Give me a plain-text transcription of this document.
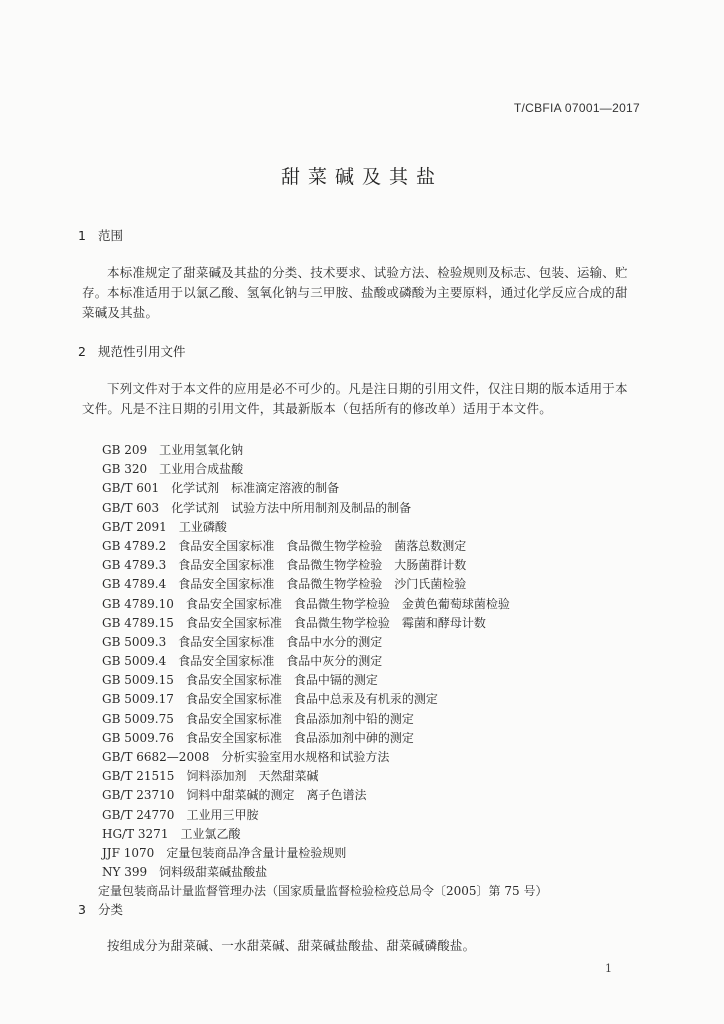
T/CBFIA 07001—2017
甜菜碱及其盐
1 范围
本标准规定了甜菜碱及其盐的分类、技术要求、试验方法、检验规则及标志、包装、运输、贮存。 本标准适用于以氯乙酸、氢氧化钠与三甲胺、盐酸或磷酸为主要原料，通过化学反应合成的甜菜碱及其盐。
2 规范性引用文件
下列文件对于本文件的应用是必不可少的。凡是注日期的引用文件，仅注日期的版本适用于本文件。凡是不注日期的引用文件，其最新版本（包括所有的修改单）适用于本文件。
GB 209 工业用氢氧化钠
GB 320 工业用合成盐酸
GB/T 601 化学试剂　标准滴定溶液的制备
GB/T 603 化学试剂　试验方法中所用制剂及制品的制备
GB/T 2091 工业磷酸
GB 4789.2 食品安全国家标准　食品微生物学检验　菌落总数测定
GB 4789.3 食品安全国家标准　食品微生物学检验　大肠菌群计数
GB 4789.4 食品安全国家标准　食品微生物学检验　沙门氏菌检验
GB 4789.10 食品安全国家标准　食品微生物学检验　金黄色葡萄球菌检验
GB 4789.15 食品安全国家标准　食品微生物学检验　霉菌和酵母计数
GB 5009.3 食品安全国家标准　食品中水分的测定
GB 5009.4 食品安全国家标准　食品中灰分的测定
GB 5009.15 食品安全国家标准　食品中镉的测定
GB 5009.17 食品安全国家标准　食品中总汞及有机汞的测定
GB 5009.75 食品安全国家标准　食品添加剂中铅的测定
GB 5009.76 食品安全国家标准　食品添加剂中砷的测定
GB/T 6682—2008 分析实验室用水规格和试验方法
GB/T 21515 饲料添加剂　天然甜菜碱
GB/T 23710 饲料中甜菜碱的测定　离子色谱法
GB/T 24770 工业用三甲胺
HG/T 3271 工业氯乙酸
JJF 1070 定量包装商品净含量计量检验规则
NY 399 饲料级甜菜碱盐酸盐
定量包装商品计量监督管理办法（国家质量监督检验检疫总局令〔2005〕第 75 号）
3 分类
按组成分为甜菜碱、一水甜菜碱、甜菜碱盐酸盐、甜菜碱磷酸盐。
1
